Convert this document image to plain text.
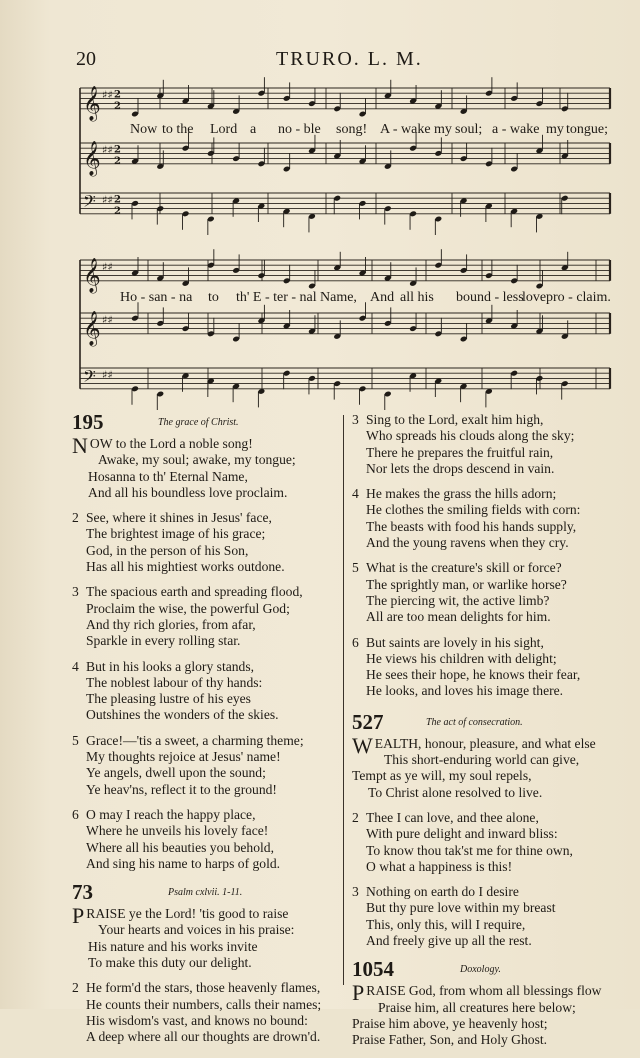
20	TRURO. L. M.
𝄞 ♯♯
2
2
𝄞 ♯♯
2
2
𝄢 ♯♯
2
2
𝄞 ♯♯
𝄞 ♯♯
𝄢 ♯♯
Now to the Lord a no - ble song! A - wake my soul; a - wake my tongue;
Ho - san - na to th' E - ter - nal Name, And all his bound - less
love pro - claim.
195	The grace of Christ.
NOW to the Lord a noble song!
Awake, my soul; awake, my tongue;
Hosanna to th' Eternal Name,
And all his boundless love proclaim.
2 See, where it shines in Jesus' face,
The brightest image of his grace;
God, in the person of his Son,
Has all his mightiest works outdone.
3 The spacious earth and spreading flood,
Proclaim the wise, the powerful God;
And thy rich glories, from afar,
Sparkle in every rolling star.
4 But in his looks a glory stands,
The noblest labour of thy hands:
The pleasing lustre of his eyes
Outshines the wonders of the skies.
5 Grace!—'tis a sweet, a charming theme;
My thoughts rejoice at Jesus' name!
Ye angels, dwell upon the sound;
Ye heav'ns, reflect it to the ground!
6 O may I reach the happy place,
Where he unveils his lovely face!
Where all his beauties you behold,
And sing his name to harps of gold.
73	Psalm cxlvii. 1-11.
PRAISE ye the Lord! 'tis good to raise
Your hearts and voices in his praise:
His nature and his works invite
To make this duty our delight.
2 He form'd the stars, those heavenly flames,
He counts their numbers, calls their names;
His wisdom's vast, and knows no bound:
A deep where all our thoughts are drown'd.
3 Sing to the Lord, exalt him high,
Who spreads his clouds along the sky;
There he prepares the fruitful rain,
Nor lets the drops descend in vain.
4 He makes the grass the hills adorn;
He clothes the smiling fields with corn:
The beasts with food his hands supply,
And the young ravens when they cry.
5 What is the creature's skill or force?
The sprightly man, or warlike horse?
The piercing wit, the active limb?
All are too mean delights for him.
6 But saints are lovely in his sight,
He views his children with delight;
He sees their hope, he knows their fear,
He looks, and loves his image there.
527	The act of consecration.
WEALTH, honour, pleasure, and what else
This short-enduring world can give,
Tempt as ye will, my soul repels,
To Christ alone resolved to live.
2 Thee I can love, and thee alone,
With pure delight and inward bliss:
To know thou tak'st me for thine own,
O what a happiness is this!
3 Nothing on earth do I desire
But thy pure love within my breast
This, only this, will I require,
And freely give up all the rest.
1054	Doxology.
PRAISE God, from whom all blessings flow
Praise him, all creatures here below;
Praise him above, ye heavenly host;
Praise Father, Son, and Holy Ghost.
